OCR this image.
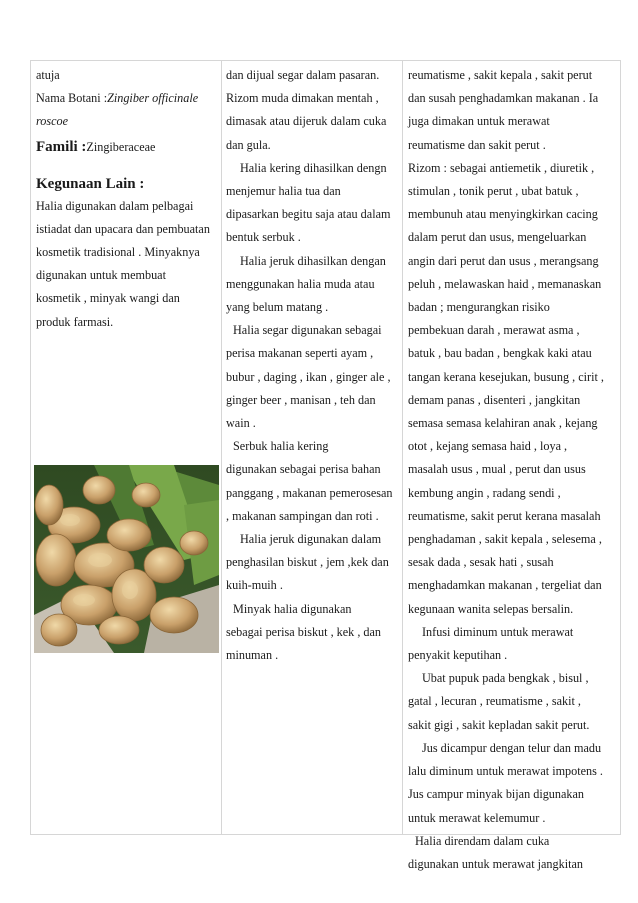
atuja
Nama Botani :Zingiber officinale
roscoe
Famili :Zingiberaceae
Kegunaan Lain :
Halia digunakan dalam pelbagai
istiadat dan upacara dan pembuatan
kosmetik tradisional . Minyaknya
digunakan untuk membuat
kosmetik , minyak wangi dan
produk farmasi.
dan dijual segar dalam pasaran.
Rizom muda dimakan mentah ,
dimasak atau dijeruk dalam cuka
dan gula.
Halia kering dihasilkan dengn
menjemur halia tua dan
dipasarkan begitu saja atau dalam
bentuk serbuk .
Halia jeruk dihasilkan dengan
menggunakan halia muda atau
yang belum matang .
Halia segar digunakan sebagai
perisa makanan seperti ayam ,
bubur , daging , ikan , ginger ale ,
ginger beer , manisan , teh dan
wain .
Serbuk halia kering
digunakan sebagai perisa bahan
panggang , makanan pemerosesan
, makanan sampingan dan roti .
Halia jeruk digunakan dalam
penghasilan biskut , jem ,kek dan
kuih-muih .
Minyak halia digunakan
sebagai perisa biskut , kek , dan
minuman .
reumatisme , sakit kepala , sakit perut
dan susah penghadamkan makanan . Ia
juga dimakan untuk merawat
reumatisme dan sakit perut .
Rizom : sebagai antiemetik , diuretik ,
stimulan , tonik perut , ubat batuk ,
membunuh atau menyingkirkan cacing
dalam perut dan usus, mengeluarkan
angin dari perut dan usus , merangsang
peluh , melawaskan haid , memanaskan
badan ; mengurangkan risiko
pembekuan darah , merawat asma ,
batuk , bau badan , bengkak kaki atau
tangan kerana kesejukan, busung , cirit ,
demam panas , disenteri , jangkitan
semasa semasa kelahiran anak , kejang
otot , kejang semasa haid , loya ,
masalah usus , mual , perut dan usus
kembung angin , radang sendi ,
reumatisme, sakit perut kerana masalah
penghadaman , sakit kepala , selesema ,
sesak dada , sesak hati , susah
menghadamkan makanan , tergeliat dan
kegunaan wanita selepas bersalin.
Infusi diminum untuk merawat
penyakit keputihan .
Ubat pupuk pada bengkak , bisul ,
gatal , lecuran , reumatisme , sakit ,
sakit gigi , sakit kepladan sakit perut.
Jus dicampur dengan telur dan madu
lalu diminum untuk merawat impotens .
Jus campur minyak bijan digunakan
untuk merawat kelemumur .
Halia direndam dalam cuka
digunakan untuk merawat jangkitan
